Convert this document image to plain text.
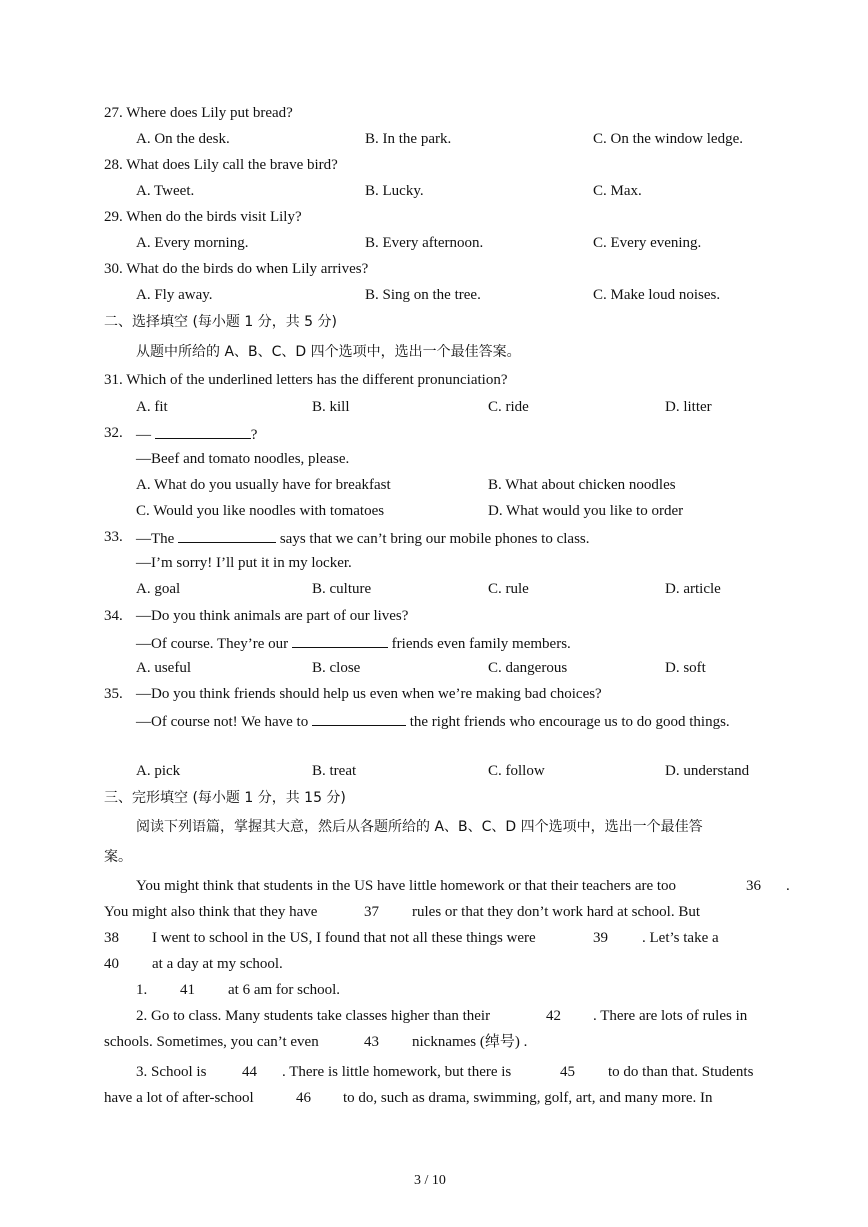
27. Where does Lily put bread?
A. On the desk.	B. In the park.	C. On the window ledge.
28. What does Lily call the brave bird?
A. Tweet.	B. Lucky.	C. Max.
29. When do the birds visit Lily?
A. Every morning.	B. Every afternoon.	C. Every evening.
30. What do the birds do when Lily arrives?
A. Fly away.	B. Sing on the tree.	C. Make loud noises.
二、选择填空 (每小题 1 分，共 5 分)
从题中所给的 A、B、C、D 四个选项中，选出一个最佳答案。
31. Which of the underlined letters has the different pronunciation?
A. fit	B. kill	C. ride	D. litter
32. —	?
—Beef and tomato noodles, please.
A. What do you usually have for breakfast	B. What about chicken noodles
C. Would you like noodles with tomatoes	D. What would you like to order
33. —The	says that we can’t bring our mobile phones to class.
—I’m sorry! I’ll put it in my locker.
A. goal	B. culture	C. rule	D. article
34. —Do you think animals are part of our lives?
—Of course. They’re our	friends even family members.
A. useful	B. close	C. dangerous	D. soft
35. —Do you think friends should help us even when we’re making bad choices?
—Of course not! We have to	the right friends who encourage us to do good things.
A. pick	B. treat	C. follow	D. understand
三、完形填空 (每小题 1 分，共 15 分)
阅读下列语篇，掌握其大意，然后从各题所给的 A、B、C、D 四个选项中，选出一个最佳答
案。
You might think that students in the US have little homework or that their teachers are too	36 .
You might also think that they have	37 rules or that they don’t work hard at school. But
38 I went to school in the US, I found that not all these things were	39 . Let’s take a
40 at a day at my school.
1. 41 at 6 am for school.
2. Go to class. Many students take classes higher than their	42 . There are lots of rules in
schools. Sometimes, you can’t even	43 nicknames (绰号) .
3. School is 44 . There is little homework, but there is	45 to do than that. Students
have a lot of after-school	46 to do, such as drama, swimming, golf, art, and many more. In
3 / 10
